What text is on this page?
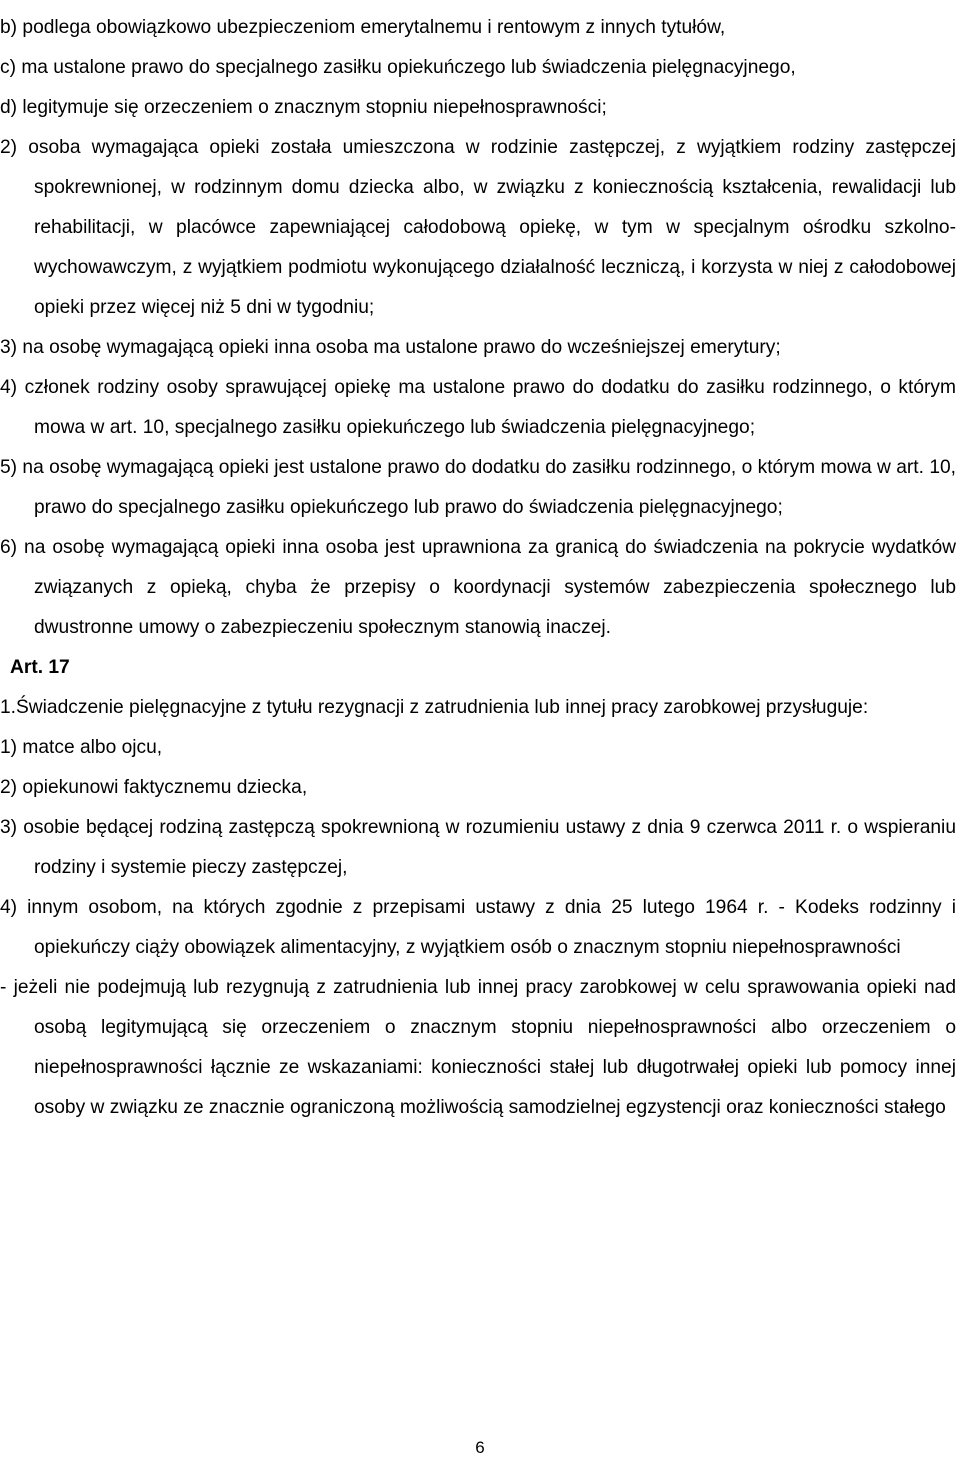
b) podlega obowiązkowo ubezpieczeniom emerytalnemu i rentowym z innych tytułów,

c) ma ustalone prawo do specjalnego zasiłku opiekuńczego lub świadczenia pielęgnacyjnego,

d) legitymuje się orzeczeniem o znacznym stopniu niepełnosprawności;

2) osoba wymagająca opieki została umieszczona w rodzinie zastępczej, z wyjątkiem rodziny zastępczej spokrewnionej, w rodzinnym domu dziecka albo, w związku z koniecznością kształcenia, rewalidacji lub rehabilitacji, w placówce zapewniającej całodobową opiekę, w tym w specjalnym ośrodku szkolno-wychowawczym, z wyjątkiem podmiotu wykonującego działalność leczniczą, i korzysta w niej z całodobowej opieki przez więcej niż 5 dni w tygodniu;

3) na osobę wymagającą opieki inna osoba ma ustalone prawo do wcześniejszej emerytury;

4) członek rodziny osoby sprawującej opiekę ma ustalone prawo do dodatku do zasiłku rodzinnego, o którym mowa w art. 10, specjalnego zasiłku opiekuńczego lub świadczenia pielęgnacyjnego;

5) na osobę wymagającą opieki jest ustalone prawo do dodatku do zasiłku rodzinnego, o którym mowa w art. 10, prawo do specjalnego zasiłku opiekuńczego lub prawo do świadczenia pielęgnacyjnego;

6) na osobę wymagającą opieki inna osoba jest uprawniona za granicą do świadczenia na pokrycie wydatków związanych z opieką, chyba że przepisy o koordynacji systemów zabezpieczenia społecznego lub dwustronne umowy o zabezpieczeniu społecznym stanowią inaczej.

Art. 17

1.Świadczenie pielęgnacyjne z tytułu rezygnacji z zatrudnienia lub innej pracy zarobkowej przysługuje:

1) matce albo ojcu,

2) opiekunowi faktycznemu dziecka,

3) osobie będącej rodziną zastępczą spokrewnioną w rozumieniu ustawy z dnia 9 czerwca 2011 r. o wspieraniu rodziny i systemie pieczy zastępczej,

4) innym osobom, na których zgodnie z przepisami ustawy z dnia 25 lutego 1964 r. - Kodeks rodzinny i opiekuńczy ciąży obowiązek alimentacyjny, z wyjątkiem osób o znacznym stopniu niepełnosprawności

- jeżeli nie podejmują lub rezygnują z zatrudnienia lub innej pracy zarobkowej w celu sprawowania opieki nad osobą legitymującą się orzeczeniem o znacznym stopniu niepełnosprawności albo orzeczeniem o niepełnosprawności łącznie ze wskazaniami: konieczności stałej lub długotrwałej opieki lub pomocy innej osoby w związku ze znacznie ograniczoną możliwością samodzielnej egzystencji oraz konieczności stałego

6
